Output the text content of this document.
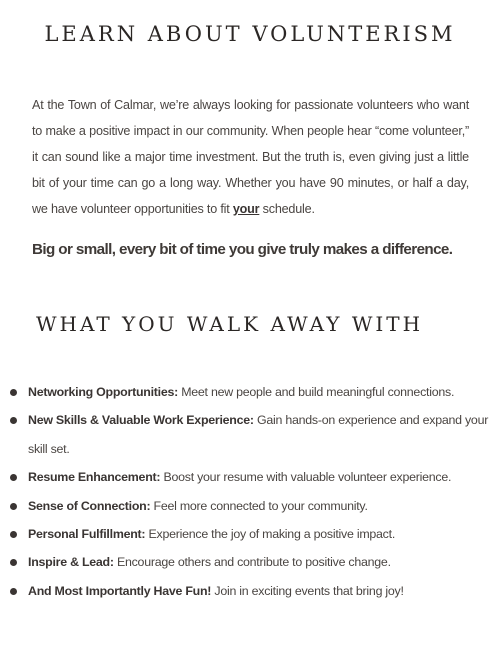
LEARN ABOUT VOLUNTERISM

At the Town of Calmar, we’re always looking for passionate volunteers who want to make a positive impact in our community. When people hear “come volunteer,” it can sound like a major time investment. But the truth is, even giving just a little bit of your time can go a long way. Whether you have 90 minutes, or half a day, we have volunteer opportunities to fit your schedule.

Big or small, every bit of time you give truly makes a difference.

WHAT YOU WALK AWAY WITH
Networking Opportunities: Meet new people and build meaningful connections.
New Skills & Valuable Work Experience: Gain hands-on experience and expand your skill set.
Resume Enhancement: Boost your resume with valuable volunteer experience.
Sense of Connection: Feel more connected to your community.
Personal Fulfillment: Experience the joy of making a positive impact.
Inspire & Lead: Encourage others and contribute to positive change.
And Most Importantly Have Fun! Join in exciting events that bring joy!
